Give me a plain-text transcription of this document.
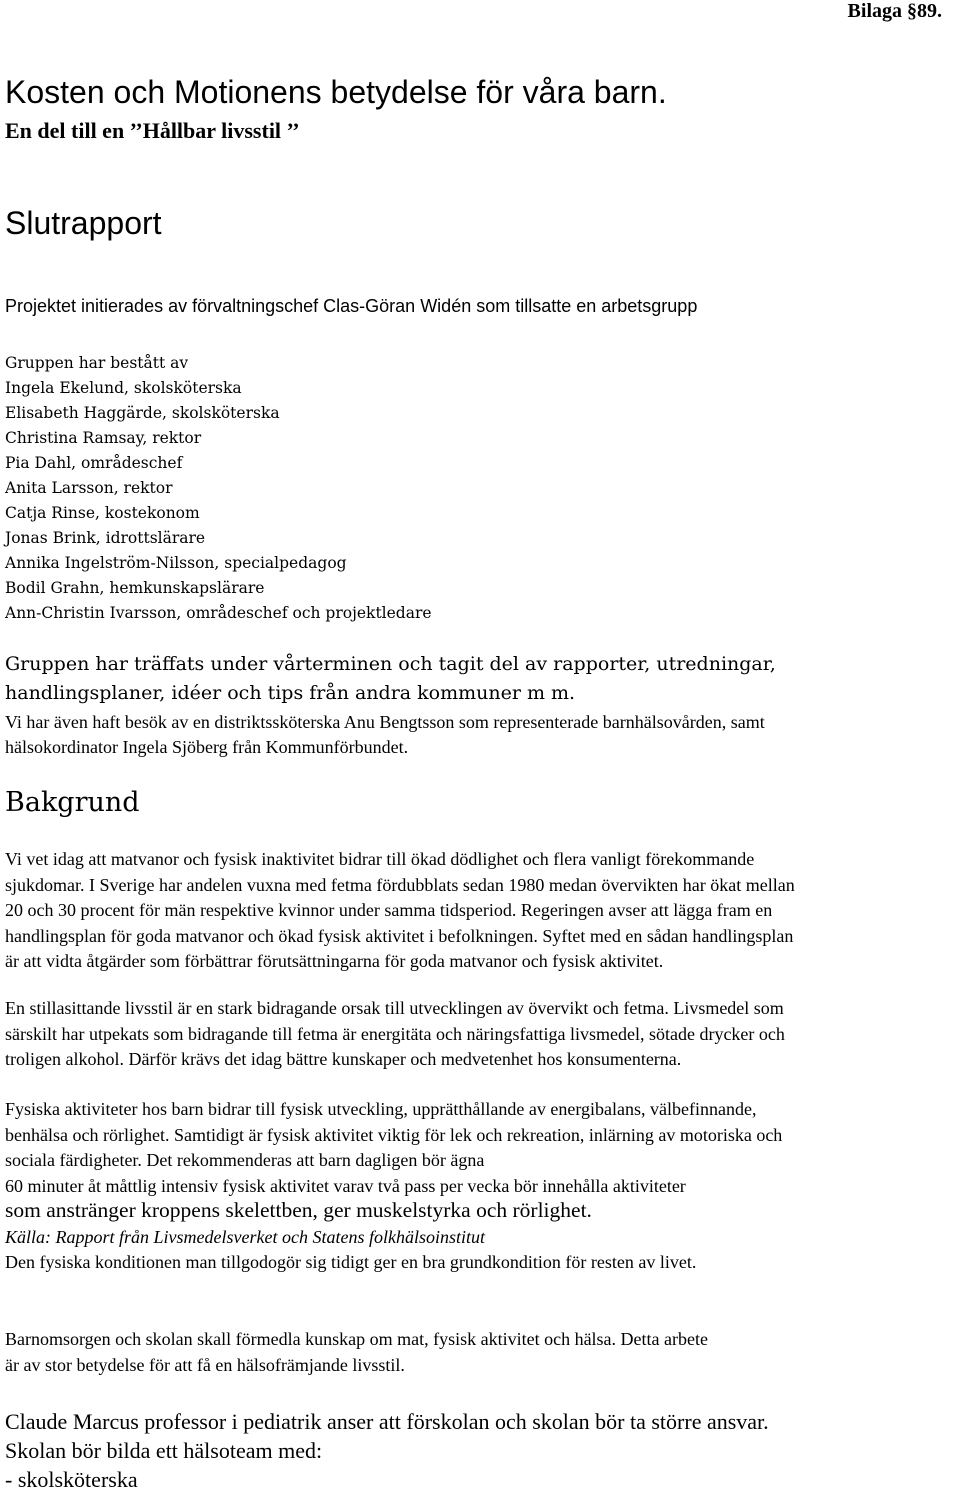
Bilaga §89.
Kosten och Motionens betydelse för våra barn.
En del till en ’’Hållbar livsstil ’’
Slutrapport
Projektet initierades av förvaltningschef Clas-Göran Widén som tillsatte en arbetsgrupp
Gruppen har bestått av
Ingela Ekelund, skolsköterska
Elisabeth Haggärde, skolsköterska
Christina Ramsay, rektor
Pia Dahl, områdeschef
Anita Larsson, rektor
Catja Rinse, kostekonom
Jonas Brink, idrottslärare
Annika Ingelström-Nilsson, specialpedagog
Bodil Grahn, hemkunskapslärare
Ann-Christin Ivarsson, områdeschef och projektledare
Gruppen har träffats under vårterminen och tagit del av rapporter, utredningar,
handlingsplaner, idéer och tips från andra kommuner m m.
Vi har även haft besök av en distriktssköterska Anu Bengtsson som representerade barnhälsovården, samt
hälsokordinator Ingela Sjöberg från Kommunförbundet.
Bakgrund
Vi vet idag att matvanor och fysisk inaktivitet bidrar till ökad dödlighet och flera vanligt förekommande
sjukdomar. I Sverige har andelen vuxna med fetma fördubblats sedan 1980 medan övervikten har ökat mellan
20 och 30 procent för män respektive kvinnor under samma tidsperiod. Regeringen avser att lägga fram en
handlingsplan för goda matvanor och ökad fysisk aktivitet i befolkningen. Syftet med en sådan handlingsplan
är att vidta åtgärder som förbättrar förutsättningarna för goda matvanor och fysisk aktivitet.
En stillasittande livsstil är en stark bidragande orsak till utvecklingen av övervikt och fetma. Livsmedel som
särskilt har utpekats som bidragande till fetma är energitäta och näringsfattiga livsmedel, sötade drycker och
troligen alkohol. Därför krävs det idag bättre kunskaper och medvetenhet hos konsumenterna.
Fysiska aktiviteter hos barn bidrar till fysisk utveckling, upprätthållande av energibalans, välbefinnande,
benhälsa och rörlighet. Samtidigt är fysisk aktivitet viktig för lek och rekreation, inlärning av motoriska och
sociala färdigheter. Det rekommenderas att barn dagligen bör ägna
60 minuter åt måttlig intensiv fysisk aktivitet varav två pass per vecka bör innehålla aktiviteter
som anstränger kroppens skelettben, ger muskelstyrka och rörlighet.
Källa: Rapport från Livsmedelsverket och Statens folkhälsoinstitut
Den fysiska konditionen man tillgodogör sig tidigt ger en bra grundkondition för resten av livet.
Barnomsorgen och skolan skall förmedla kunskap om mat, fysisk aktivitet och hälsa. Detta arbete
är av stor betydelse för att få en hälsofrämjande livsstil.
Claude Marcus professor i pediatrik anser att förskolan och skolan bör ta större ansvar.
Skolan bör bilda ett hälsoteam med:
- skolsköterska
